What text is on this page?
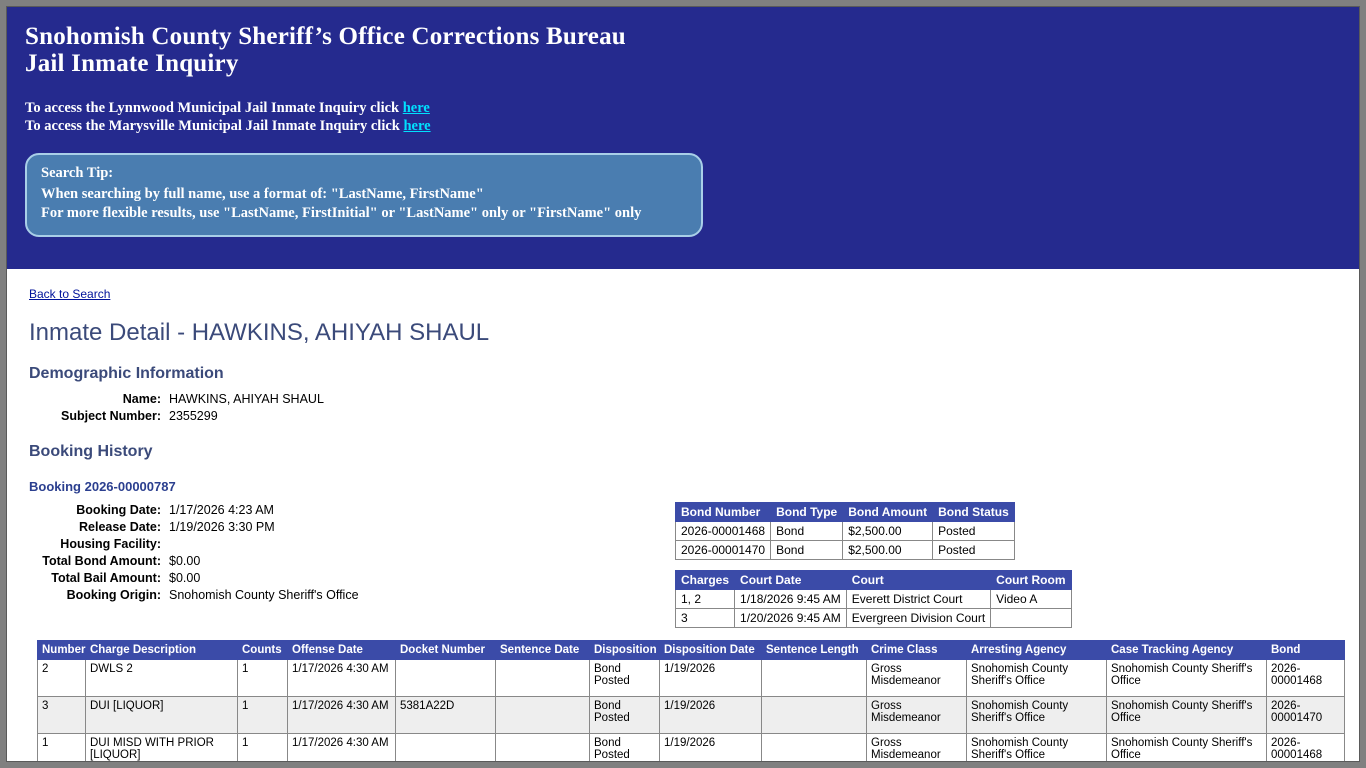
Snohomish County Sheriff’s Office Corrections Bureau
Jail Inmate Inquiry
To access the Lynnwood Municipal Jail Inmate Inquiry click here
To access the Marysville Municipal Jail Inmate Inquiry click here
Search Tip:
When searching by full name, use a format of: "LastName, FirstName"
For more flexible results, use "LastName, FirstInitial" or "LastName" only or "FirstName" only
Back to Search
Inmate Detail - HAWKINS, AHIYAH SHAUL
Demographic Information
Name: HAWKINS, AHIYAH SHAUL
Subject Number: 2355299
Booking History
Booking 2026-00000787
Booking Date: 1/17/2026 4:23 AM
Release Date: 1/19/2026 3:30 PM
Housing Facility:
Total Bond Amount: $0.00
Total Bail Amount: $0.00
Booking Origin: Snohomish County Sheriff's Office
Bond Number	Bond Type	Bond Amount	Bond Status
2026-00001468	Bond	$2,500.00	Posted
2026-00001470	Bond	$2,500.00	Posted
Charges	Court Date	Court	Court Room
1, 2	1/18/2026 9:45 AM	Everett District Court	Video A
3	1/20/2026 9:45 AM	Evergreen Division Court	
Number	Charge Description	Counts	Offense Date	Docket Number	Sentence Date	Disposition	Disposition Date	Sentence Length	Crime Class	Arresting Agency	Case Tracking Agency	Bond
2	DWLS 2	1	1/17/2026 4:30 AM			Bond Posted	1/19/2026		Gross Misdemeanor	Snohomish County Sheriff's Office	Snohomish County Sheriff's Office	2026-00001468
3	DUI [LIQUOR]	1	1/17/2026 4:30 AM	5381A22D		Bond Posted	1/19/2026		Gross Misdemeanor	Snohomish County Sheriff's Office	Snohomish County Sheriff's Office	2026-00001470
1	DUI MISD WITH PRIOR [LIQUOR]	1	1/17/2026 4:30 AM			Bond Posted	1/19/2026		Gross Misdemeanor	Snohomish County Sheriff's Office	Snohomish County Sheriff's Office	2026-00001468
